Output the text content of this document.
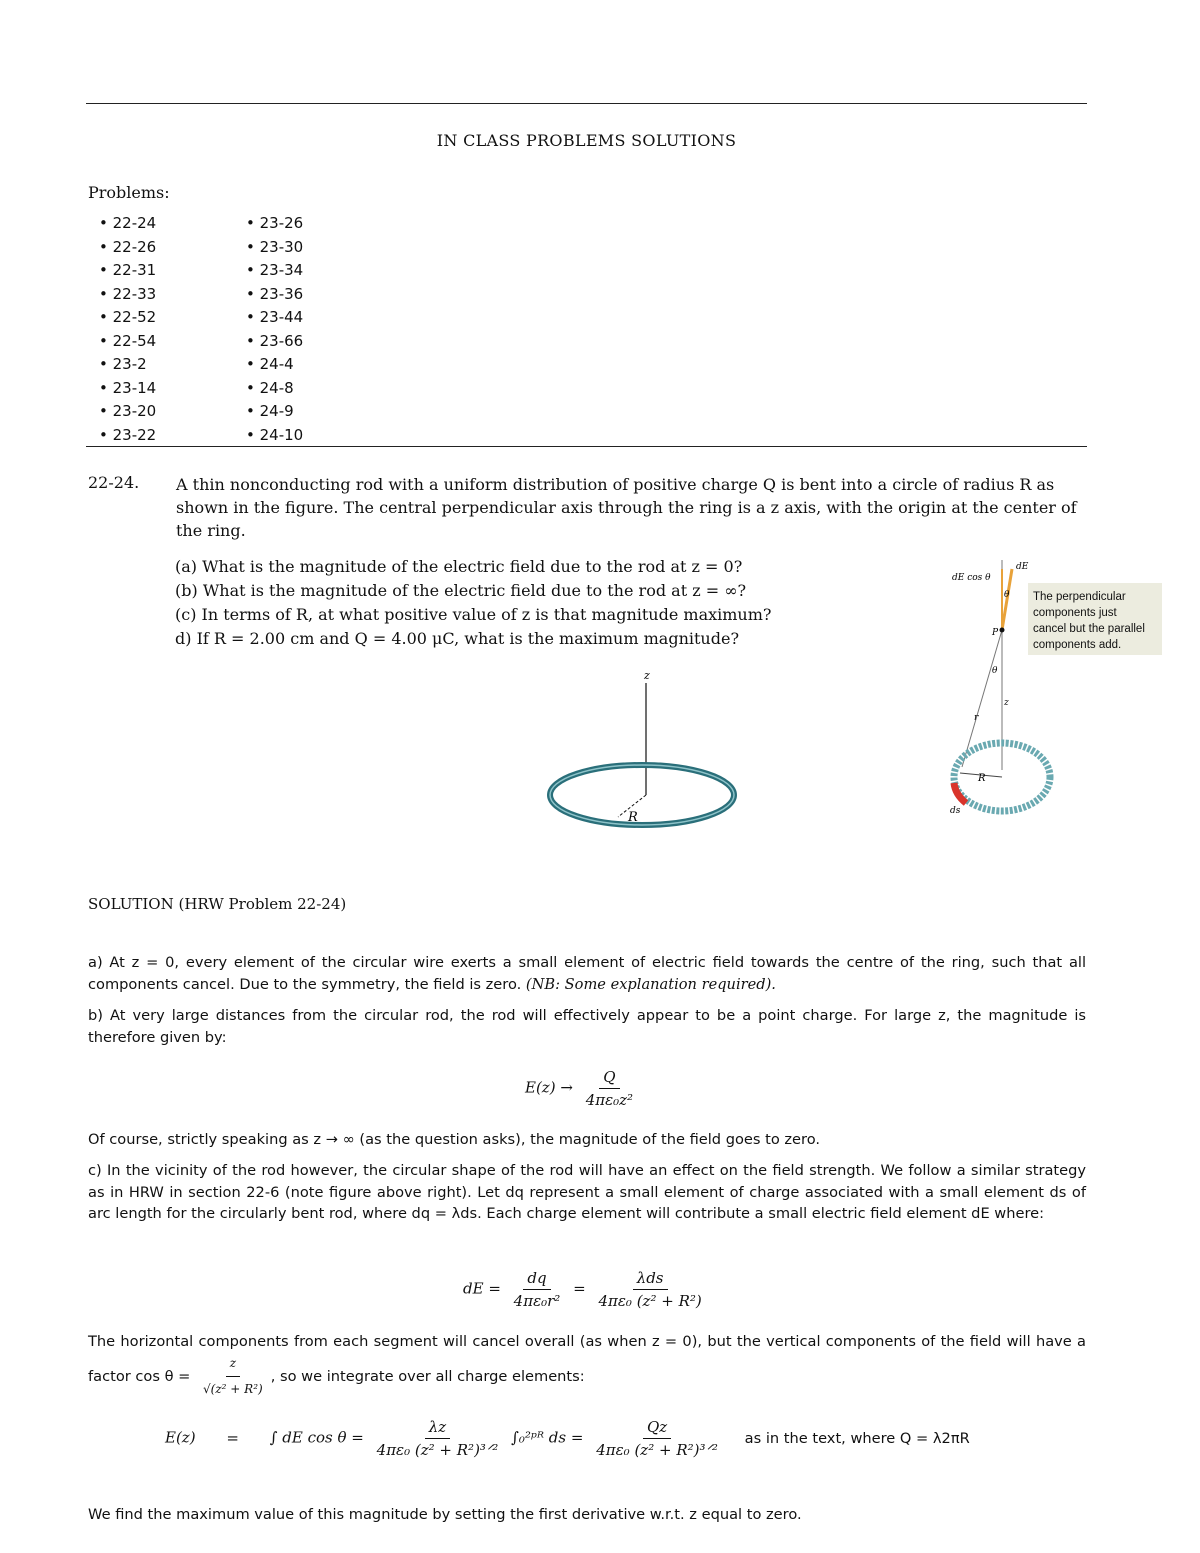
IN CLASS PROBLEMS SOLUTIONS
Problems:
• 22-24
• 22-26
• 22-31
• 22-33
• 22-52
• 22-54
• 23-2
• 23-14
• 23-20
• 23-22
• 23-26
• 23-30
• 23-34
• 23-36
• 23-44
• 23-66
• 24-4
• 24-8
• 24-9
• 24-10
22-24. A thin nonconducting rod with a uniform distribution of positive charge Q is bent into a circle of radius R as shown in the figure. The central perpendicular axis through the ring is a z axis, with the origin at the center of the ring.
(a) What is the magnitude of the electric field due to the rod at z = 0?
(b) What is the magnitude of the electric field due to the rod at z = ∞?
(c) In terms of R, at what positive value of z is that magnitude maximum?
d) If R = 2.00 cm and Q = 4.00 μC, what is the maximum magnitude?
z
R
dE cos θ
dE
θ
P
θ
r
z
R
ds
The perpendicular
components just
cancel but the parallel
components add.
SOLUTION (HRW Problem 22-24)
a) At z = 0, every element of the circular wire exerts a small element of electric field towards the centre of the ring, such that all components cancel. Due to the symmetry, the field is zero. (NB: Some explanation required).
b) At very large distances from the circular rod, the rod will effectively appear to be a point charge. For large z, the magnitude is therefore given by:
$E(z) \to \frac{Q}{\text{4πε₀z²}}$
Of course, strictly speaking as z → ∞ (as the question asks), the magnitude of the field goes to zero.
c) In the vicinity of the rod however, the circular shape of the rod will have an effect on the field strength. We follow a similar strategy as in HRW in section 22-6 (note figure above right). Let dq represent a small element of charge associated with a small element ds of arc length for the circularly bent rod, where dq = λds. Each charge element will contribute a small electric field element dE where:
dE = $\frac{dq}{\text{4πε₀r²}} = \frac{\text{λds}}{\text{4πε₀ (z² + R²)}}$
The horizontal components from each segment will cancel overall (as when z = 0), but the vertical components of the field will have a factor $\cos \theta = \frac{z}{\text{√(z² + R²)}}$ , so we integrate over all charge elements:
E(z) = ∫ dE $\cos \theta = \frac{\lambda z}{\text{4πε₀ (z² + R²)³ᐟ²}}$ ∫₀²ᵖᴿ ds = $\frac{Qz}{\text{4πε₀ (z² + R²)³ᐟ²}}$ as in the text, where Q = λ2πR
We find the maximum value of this magnitude by setting the first derivative w.r.t. z equal to zero.
